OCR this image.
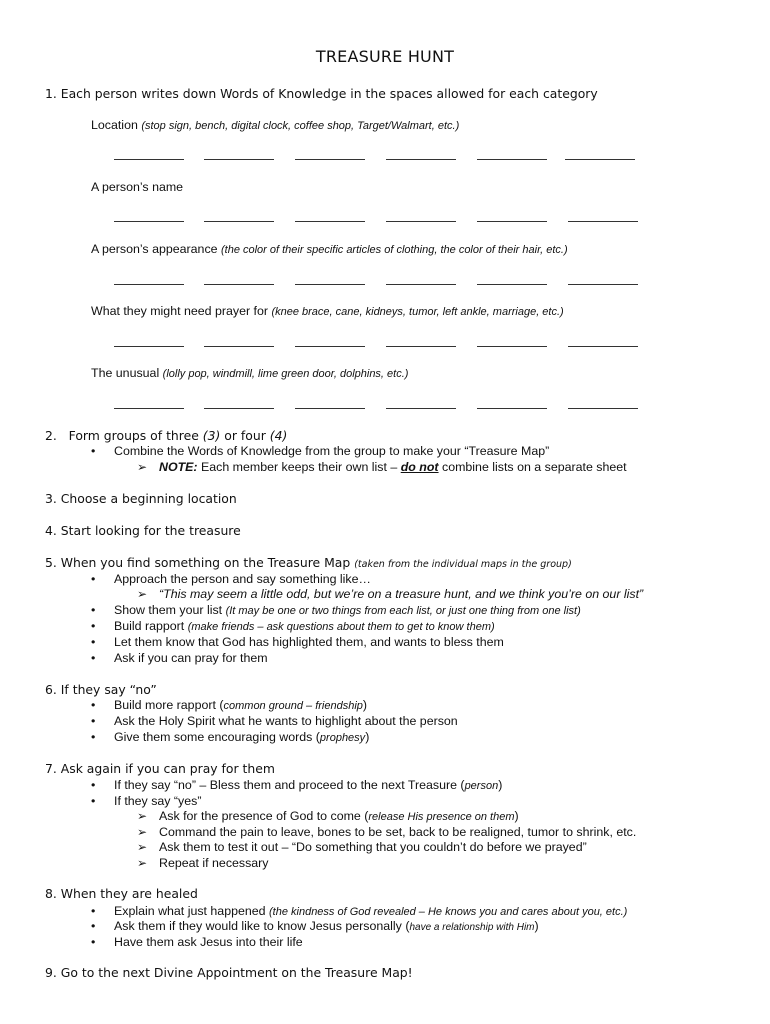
TREASURE HUNT
1. Each person writes down Words of Knowledge in the spaces allowed for each category
Location (stop sign, bench, digital clock, coffee shop, Target/Walmart, etc.)
A person’s name
A person’s appearance (the color of their specific articles of clothing, the color of their hair, etc.)
What they might need prayer for (knee brace, cane, kidneys, tumor, left ankle, marriage, etc.)
The unusual (lolly pop, windmill, lime green door, dolphins, etc.)
2. Form groups of three (3) or four (4)
• Combine the Words of Knowledge from the group to make your “Treasure Map”
➢ NOTE: Each member keeps their own list – do not combine lists on a separate sheet
3. Choose a beginning location
4. Start looking for the treasure
5. When you find something on the Treasure Map (taken from the individual maps in the group)
• Approach the person and say something like…
➢ “This may seem a little odd, but we’re on a treasure hunt, and we think you’re on our list”
• Show them your list (It may be one or two things from each list, or just one thing from one list)
• Build rapport (make friends – ask questions about them to get to know them)
• Let them know that God has highlighted them, and wants to bless them
• Ask if you can pray for them
6. If they say “no”
• Build more rapport (common ground – friendship)
• Ask the Holy Spirit what he wants to highlight about the person
• Give them some encouraging words (prophesy)
7. Ask again if you can pray for them
• If they say “no” – Bless them and proceed to the next Treasure (person)
• If they say “yes”
➢ Ask for the presence of God to come (release His presence on them)
➢ Command the pain to leave, bones to be set, back to be realigned, tumor to shrink, etc.
➢ Ask them to test it out – “Do something that you couldn’t do before we prayed”
➢ Repeat if necessary
8. When they are healed
• Explain what just happened (the kindness of God revealed – He knows you and cares about you, etc.)
• Ask them if they would like to know Jesus personally (have a relationship with Him)
• Have them ask Jesus into their life
9. Go to the next Divine Appointment on the Treasure Map!
